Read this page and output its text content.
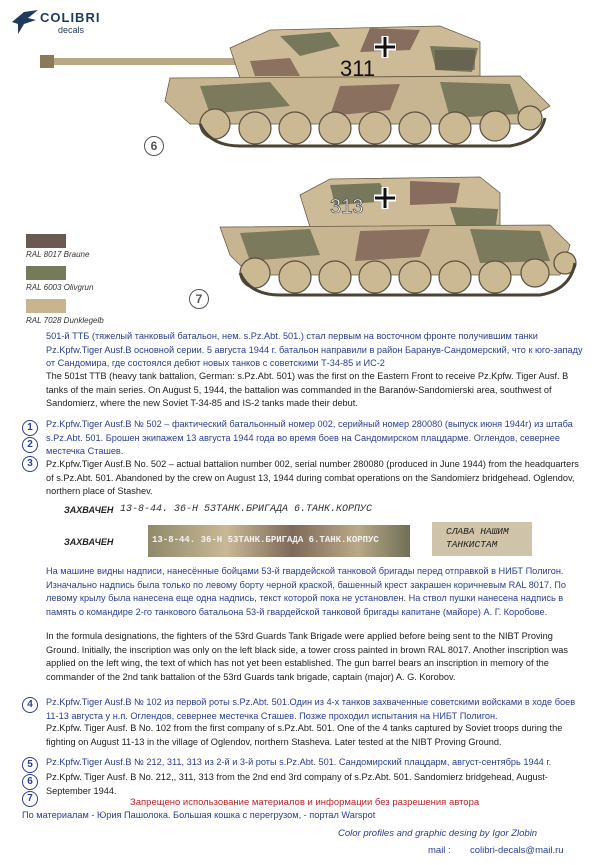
COLIBRI
decals
311
6
313
7
RAL 8017 Braune
RAL 6003 Olivgrun
RAL 7028 Dunklegelb
501-й ТТБ (тяжелый танковый батальон, нем. s.Pz.Abt. 501.) стал первым на восточном фронте получившим танки Pz.Kpfw.Tiger Ausf.B основной серии. 5 августа 1944 г. батальон направили в район Баранув-Сандомерский, что к юго-западу от Сандомира, где состоялся дебют новых танков с советскими Т-34-85 и ИС-2
The 501st TTB (heavy tank battalion, German: s.Pz.Abt. 501) was the first on the Eastern Front to receive Pz.Kpfw. Tiger Ausf. B tanks of the main series. On August 5, 1944, the battalion was commanded in the Baranów-Sandomierski area, southwest of Sandomierz, where the new Soviet T-34-85 and IS-2 tanks made their debut.
1
2
3
Pz.Kpfw.Tiger Ausf.B № 502 – фактический батальонный номер 002, серийный номер 280080 (выпуск июня 1944г) из штаба s.Pz.Abt. 501. Брошен экипажем 13 августа 1944 года во время боев на Сандомирском плацдарме. Оглендов, севернее местечка Сташев.
Pz.Kpfw.Tiger Ausf.B No. 502 – actual battalion number 002, serial number 280080 (produced in June 1944) from the headquarters of s.Pz.Abt. 501. Abandoned by the crew on August 13, 1944 during combat operations on the Sandomierz bridgehead. Oglendov, northern place of Stashev.
ЗАХВАЧЕН 13-8-44. 36-Н 53ТАНК.БРИГАДА 6.ТАНК.КОРПУС
ЗАХВАЧЕН	13-8-44. 36-Н 53ТАНК.БРИГАДА 6.ТАНК.КОРПУС
СЛАВА НАШИМ ТАНКИСТАМ
На машине видны надписи, нанесённые бойцами 53-й гвардейской танковой бригады перед отправкой в НИБТ Полигон. Изначально надпись была только по левому борту черной краской, башенный крест закрашен коричневым RAL 8017. По левому крылу была нанесена еще одна надпись, текст которой пока не установлен. На ствол пушки нанесена надпись в память о командире 2-го танкового батальона 53-й гвардейской танковой бригады капитане (майоре) А. Г. Коробове.
In the formula designations, the fighters of the 53rd Guards Tank Brigade were applied before being sent to the NIBT Proving Ground. Initially, the inscription was only on the left black side, a tower cross painted in brown RAL 8017. Another inscription was applied on the left wing, the text of which has not yet been established. The gun barrel bears an inscription in memory of the commander of the 2nd tank battalion of the 53rd Guards tank brigade, captain (major) A. G. Korobov.
4	Pz.Kpfw.Tiger Ausf.B № 102 из первой роты s.Pz.Abt. 501.Один из 4-х танков захваченные советскими войсками в ходе боев 11-13 августа у н.п. Оглендов, севернее местечка Сташев. Позже проходил испытания на НИБТ Полигон.
Pz.Kpfw. Tiger Ausf. B No. 102 from the first company of s.Pz.Abt. 501. One of the 4 tanks captured by Soviet troops during the fighting on August 11-13 in the village of Oglendov, northern Stasheva. Later tested at the NIBT Proving Ground.
5
6
7
Pz.Kpfw.Tiger Ausf.B № 212, 311, 313 из 2-й и 3-й роты s.Pz.Abt. 501. Сандомирский плацдарм, август-сентябрь 1944 г.
Pz.Kpfw. Tiger Ausf. B No. 212,, 311, 313 from the 2nd end 3rd company of s.Pz.Abt. 501. Sandomierz bridgehead, August-September 1944.
Запрещено использование материалов и информации без разрешения автора
По материалам - Юрия Пашолока. Большая кошка с перегрузом, - портал Warspot
Color profiles and graphic desing by Igor Zlobin
mail : colibri-decals@mail.ru
